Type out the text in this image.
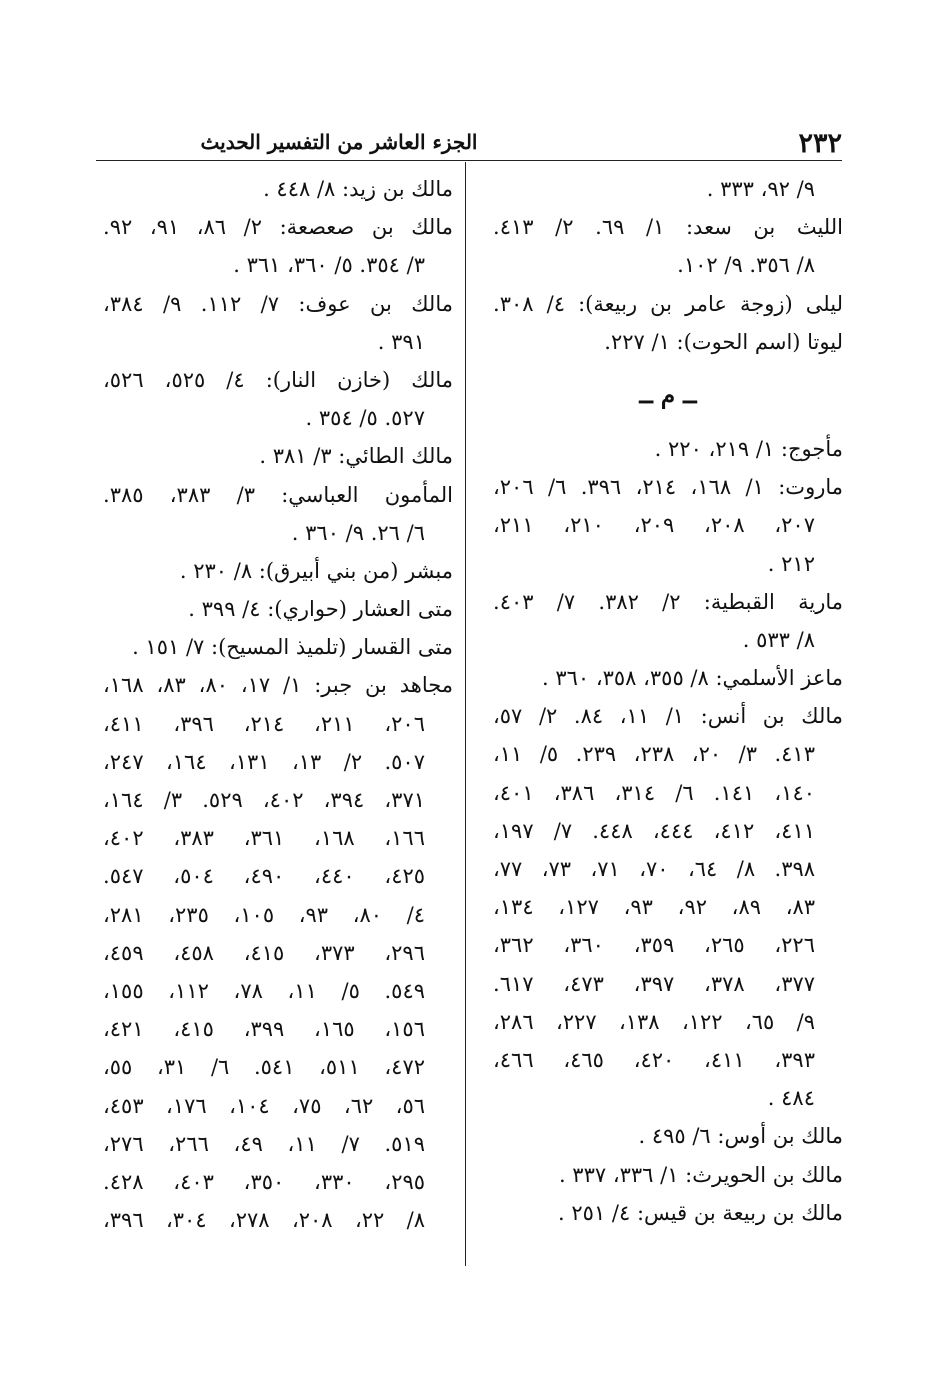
٢٣٢
الجزء العاشر من التفسير الحديث
٩/ ٩٢، ٣٣٣ .
الليث بن سعد: ١/ ٦٩. ٢/ ٤١٣.
٨/ ٣٥٦. ٩/ ١٠٢.
ليلى (زوجة عامر بن ربيعة): ٤/ ٣٠٨.
ليوتا (اسم الحوت): ١/ ٢٢٧.
ــ م ــ
مأجوج: ١/ ٢١٩، ٢٢٠ .
ماروت: ١/ ١٦٨، ٢١٤، ٣٩٦. ٦/ ٢٠٦،
٢٠٧، ٢٠٨، ٢٠٩، ٢١٠، ٢١١،
٢١٢ .
مارية القبطية: ٢/ ٣٨٢. ٧/ ٤٠٣.
٨/ ٥٣٣ .
ماعز الأسلمي: ٨/ ٣٥٥، ٣٥٨، ٣٦٠ .
مالك بن أنس: ١/ ١١، ٨٤. ٢/ ٥٧،
٤١٣. ٣/ ٢٠، ٢٣٨، ٢٣٩. ٥/ ١١،
١٤٠، ١٤١. ٦/ ٣١٤، ٣٨٦، ٤٠١،
٤١١، ٤١٢، ٤٤٤، ٤٤٨. ٧/ ١٩٧،
٣٩٨. ٨/ ٦٤، ٧٠، ٧١، ٧٣، ٧٧،
٨٣، ٨٩، ٩٢، ٩٣، ١٢٧، ١٣٤،
٢٢٦، ٢٦٥، ٣٥٩، ٣٦٠، ٣٦٢،
٣٧٧، ٣٧٨، ٣٩٧، ٤٧٣، ٦١٧.
٩/ ٦٥، ١٢٢، ١٣٨، ٢٢٧، ٢٨٦،
٣٩٣، ٤١١، ٤٢٠، ٤٦٥، ٤٦٦،
٤٨٤ .
مالك بن أوس: ٦/ ٤٩٥ .
مالك بن الحويرث: ١/ ٣٣٦، ٣٣٧ .
مالك بن ربيعة بن قيس: ٤/ ٢٥١ .
مالك بن زيد: ٨/ ٤٤٨ .
مالك بن صعصعة: ٢/ ٨٦، ٩١، ٩٢.
٣/ ٣٥٤. ٥/ ٣٦٠، ٣٦١ .
مالك بن عوف: ٧/ ١١٢. ٩/ ٣٨٤،
٣٩١ .
مالك (خازن النار): ٤/ ٥٢٥، ٥٢٦،
٥٢٧. ٥/ ٣٥٤ .
مالك الطائي: ٣/ ٣٨١ .
المأمون العباسي: ٣/ ٣٨٣، ٣٨٥.
٦/ ٢٦. ٩/ ٣٦٠ .
مبشر (من بني أبيرق): ٨/ ٢٣٠ .
متى العشار (حواري): ٤/ ٣٩٩ .
متى القسار (تلميذ المسيح): ٧/ ١٥١ .
مجاهد بن جبر: ١/ ١٧، ٨٠، ٨٣، ١٦٨،
٢٠٦، ٢١١، ٢١٤، ٣٩٦، ٤١١،
٥٠٧. ٢/ ١٣، ١٣١، ١٦٤، ٢٤٧،
٣٧١، ٣٩٤، ٤٠٢، ٥٢٩. ٣/ ١٦٤،
١٦٦، ١٦٨، ٣٦١، ٣٨٣، ٤٠٢،
٤٢٥، ٤٤٠، ٤٩٠، ٥٠٤، ٥٤٧.
٤/ ٨٠، ٩٣، ١٠٥، ٢٣٥، ٢٨١،
٢٩٦، ٣٧٣، ٤١٥، ٤٥٨، ٤٥٩،
٥٤٩. ٥/ ١١، ٧٨، ١١٢، ١٥٥،
١٥٦، ١٦٥، ٣٩٩، ٤١٥، ٤٢١،
٤٧٢، ٥١١، ٥٤١. ٦/ ٣١، ٥٥،
٥٦، ٦٢، ٧٥، ١٠٤، ١٧٦، ٤٥٣،
٥١٩. ٧/ ١١، ٤٩، ٢٦٦، ٢٧٦،
٢٩٥، ٣٣٠، ٣٥٠، ٤٠٣، ٤٢٨.
٨/ ٢٢، ٢٠٨، ٢٧٨، ٣٠٤، ٣٩٦،
